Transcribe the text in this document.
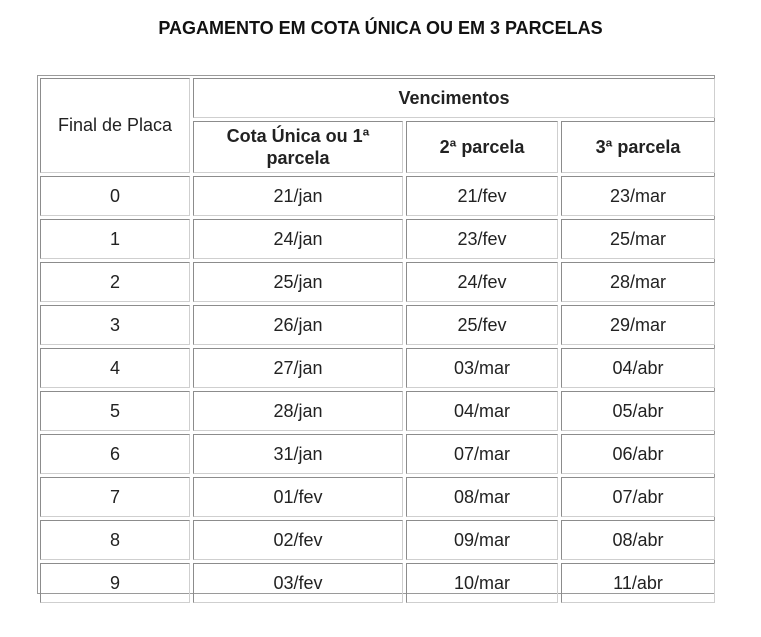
PAGAMENTO EM COTA ÚNICA OU EM 3 PARCELAS
Final de Placa	Vencimentos		
	Cota Única ou 1ª parcela	2ª parcela	3ª parcela
0	21/jan	21/fev	23/mar
1	24/jan	23/fev	25/mar
2	25/jan	24/fev	28/mar
3	26/jan	25/fev	29/mar
4	27/jan	03/mar	04/abr
5	28/jan	04/mar	05/abr
6	31/jan	07/mar	06/abr
7	01/fev	08/mar	07/abr
8	02/fev	09/mar	08/abr
9	03/fev	10/mar	11/abr
